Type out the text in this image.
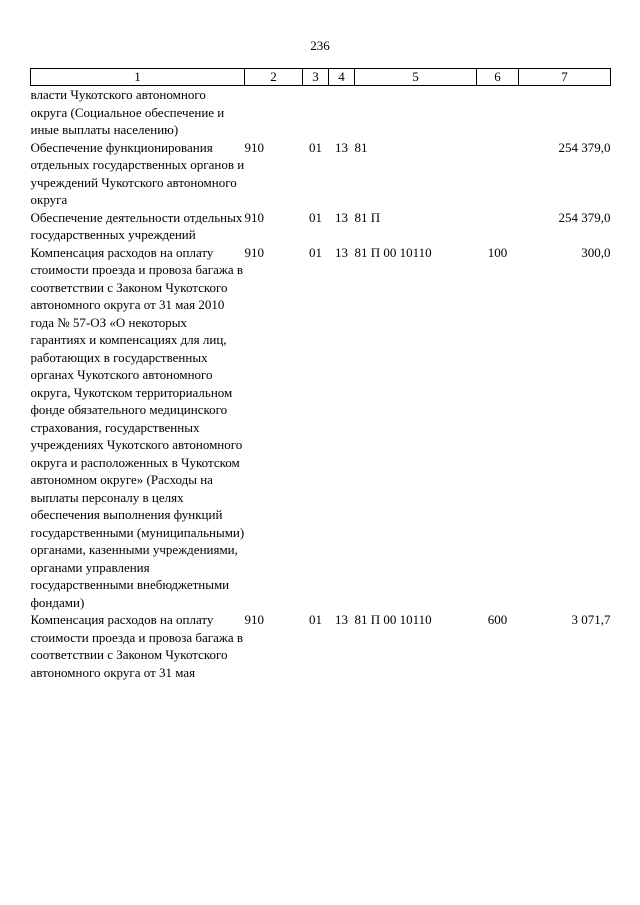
236
1	2	3	4	5	6	7
власти Чукотского автономного округа (Социальное обеспечение и иные выплаты населению)						
Обеспечение функционирования отдельных государственных органов и учреждений Чукотского автономного округа	910	01	13	81		254 379,0
Обеспечение деятельности отдельных государственных учреждений	910	01	13	81 П		254 379,0
Компенсация расходов на оплату стоимости проезда и провоза багажа в соответствии с Законом Чукотского автономного округа от 31 мая 2010 года № 57-ОЗ «О некоторых гарантиях и компенсациях для лиц, работающих в государственных органах Чукотского автономного округа, Чукотском территориальном фонде обязательного медицинского страхования, государственных учреждениях Чукотского автономного округа и расположенных в Чукотском автономном округе» (Расходы на выплаты персоналу в целях обеспечения выполнения функций государственными (муниципальными) органами, казенными учреждениями, органами управления государственными внебюджетными фондами)	910	01	13	81 П 00 10110	100	300,0
Компенсация расходов на оплату стоимости проезда и провоза багажа в соответствии с Законом Чукотского автономного округа от 31 мая	910	01	13	81 П 00 10110	600	3 071,7
